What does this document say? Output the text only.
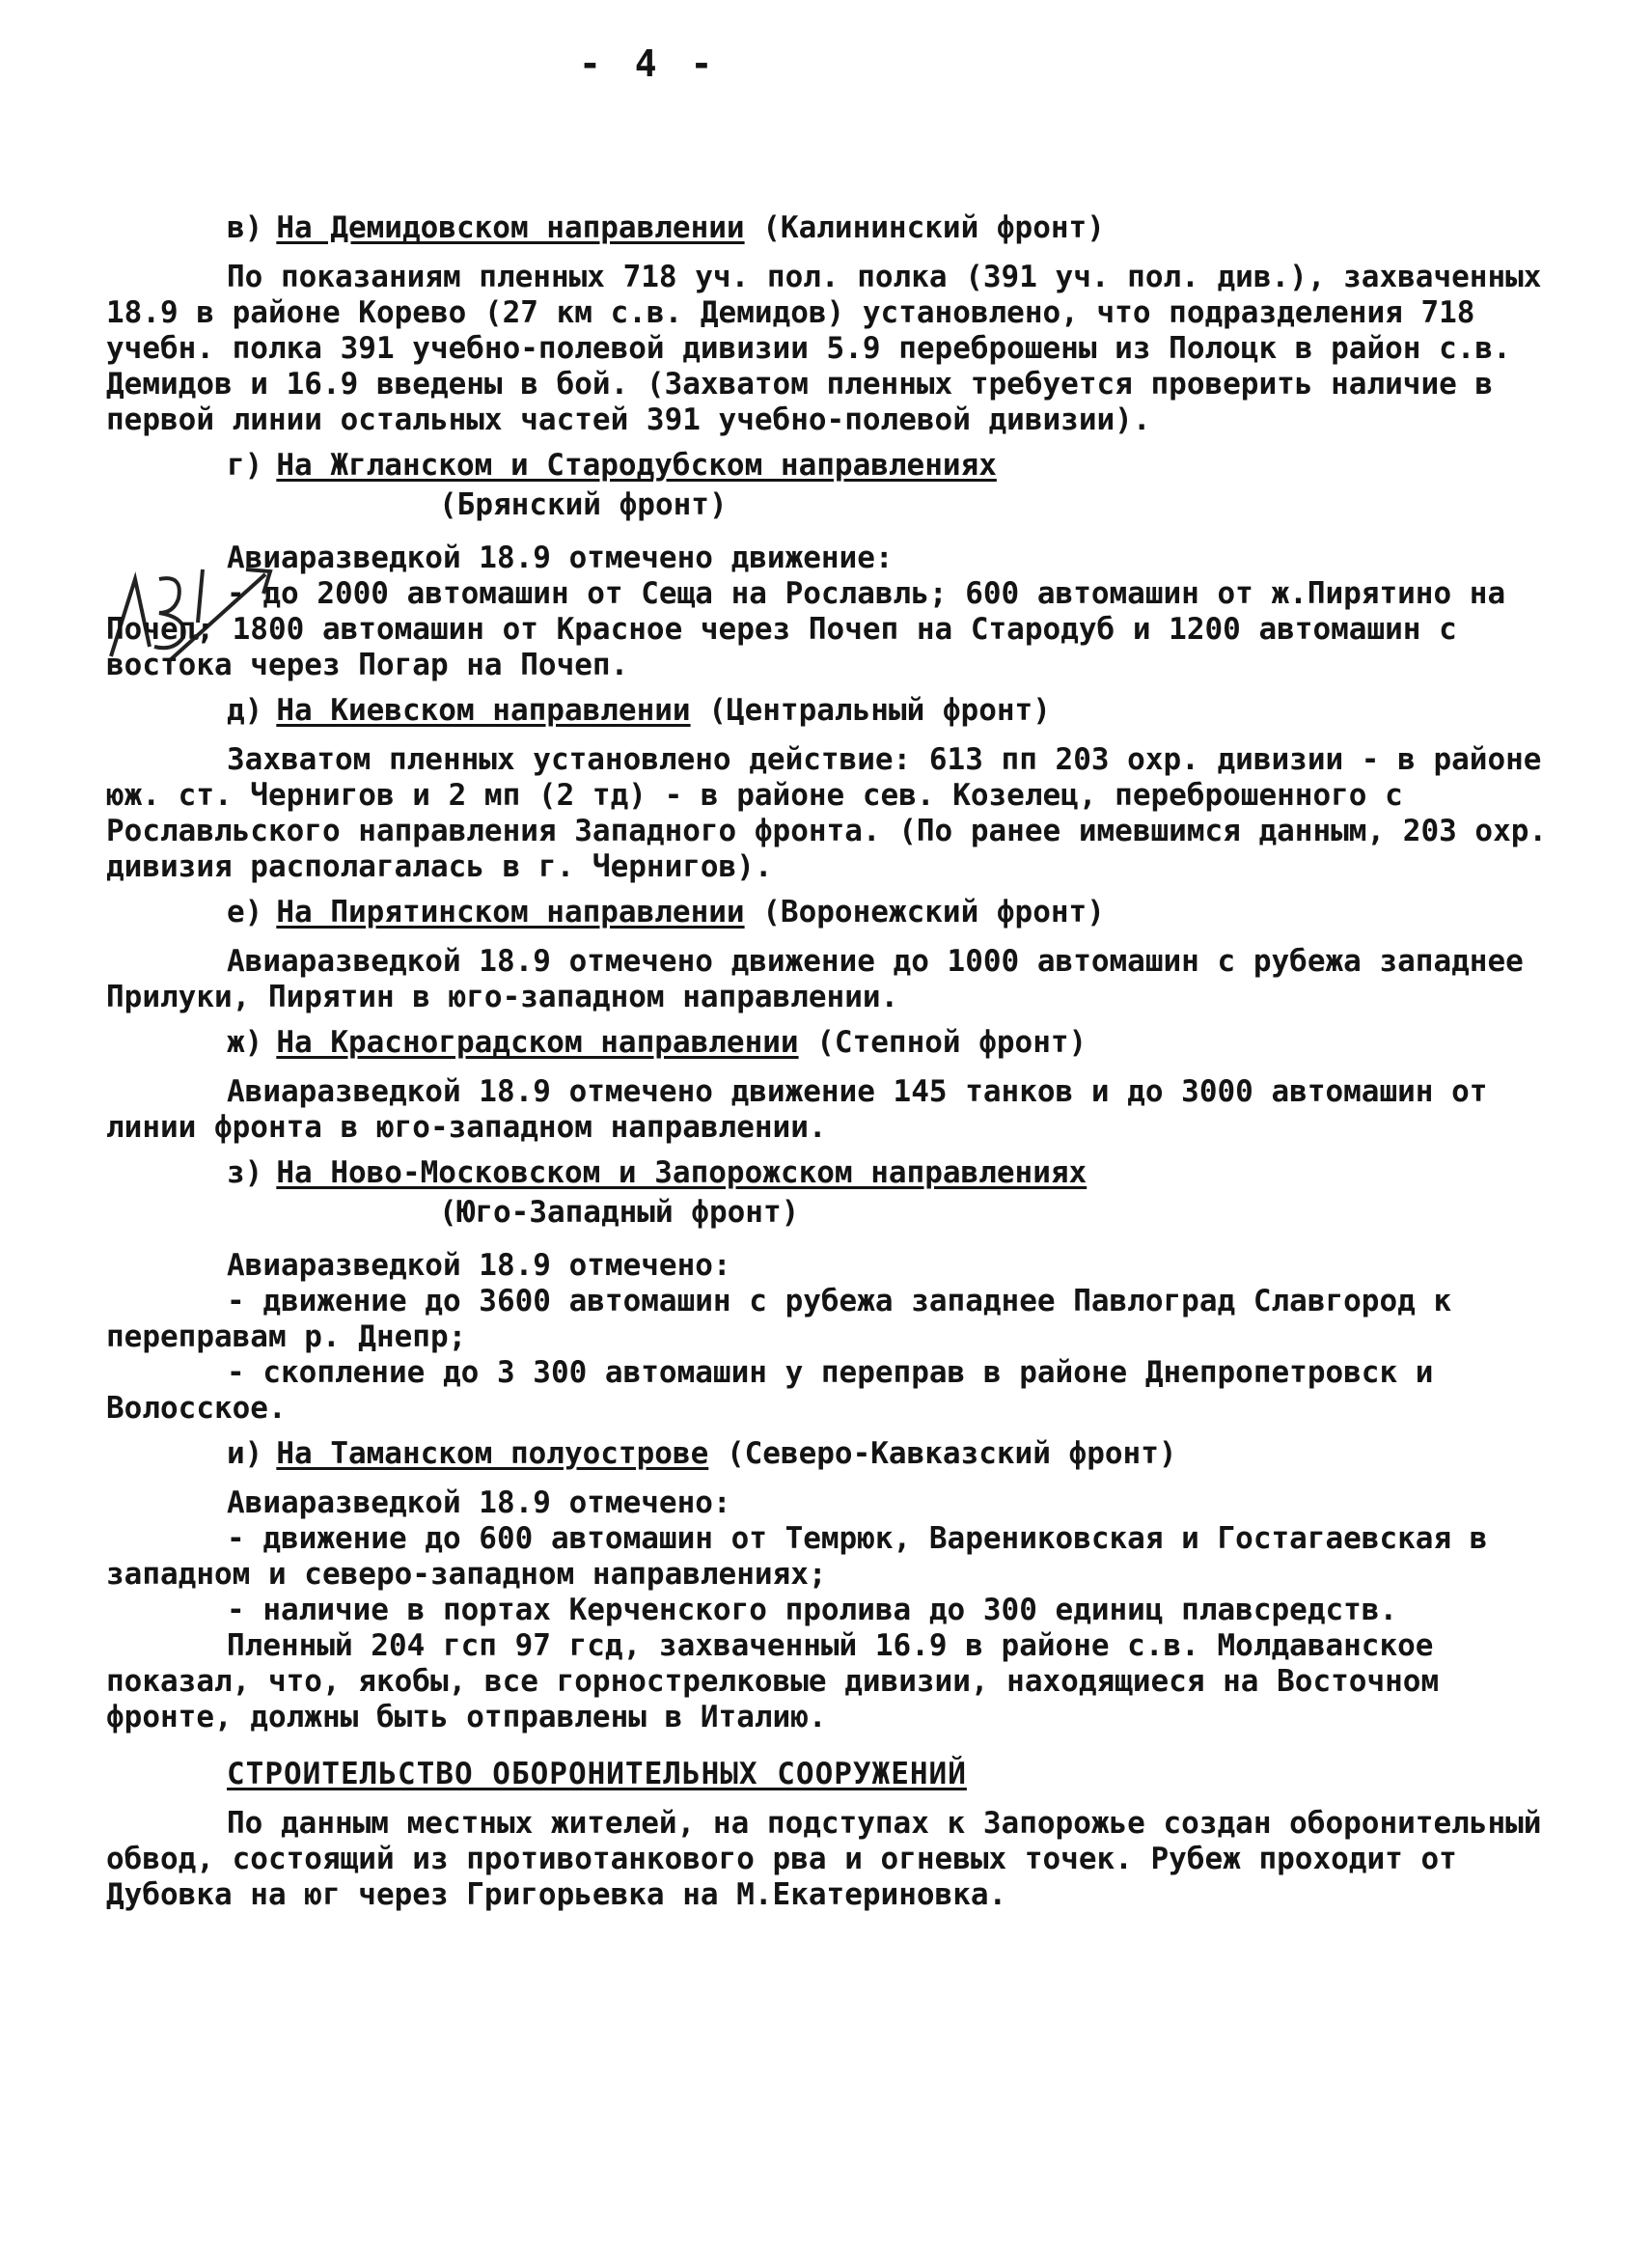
- 4 -

в) На Демидовском направлении (Калининский фронт)

По показаниям пленных 718 уч. пол. полка (391 уч. пол. див.), захваченных 18.9 в районе Корево (27 км с.в. Демидов) установлено, что подразделения 718 учебн. полка 391 учебно-полевой дивизии 5.9 переброшены из Полоцк в район с.в. Демидов и 16.9 введены в бой. (Захватом пленных требуется проверить наличие в первой линии остальных частей 391 учебно-полевой дивизии).

г) На Жгланском и Стародубском направлениях

(Брянский фронт)

Авиаразведкой 18.9 отмечено движение:

- до 2000 автомашин от Сеща на Рославль; 600 автомашин от ж.Пирятино на Почеп; 1800 автомашин от Красное через Почеп на Стародуб и 1200 автомашин с востока через Погар на Почеп.

д) На Киевском направлении (Центральный фронт)

Захватом пленных установлено действие: 613 пп 203 охр. дивизии - в районе юж. ст. Чернигов и 2 мп (2 тд) - в районе сев. Козелец, переброшенного с Рославльского направления Западного фронта. (По ранее имевшимся данным, 203 охр. дивизия располагалась в г. Чернигов).

е) На Пирятинском направлении (Воронежский фронт)

Авиаразведкой 18.9 отмечено движение до 1000 автомашин с рубежа западнее Прилуки, Пирятин в юго-западном направлении.

ж) На Красноградском направлении (Степной фронт)

Авиаразведкой 18.9 отмечено движение 145 танков и до 3000 автомашин от линии фронта в юго-западном направлении.

з) На Ново-Московском и Запорожском направлениях

(Юго-Западный фронт)

Авиаразведкой 18.9 отмечено:

- движение до 3600 автомашин с рубежа западнее Павлоград Славгород к переправам р. Днепр;

- скопление до 3 300 автомашин у переправ в районе Днепропетровск и Волосское.

и) На Таманском полуострове (Северо-Кавказский фронт)

Авиаразведкой 18.9 отмечено:

- движение до 600 автомашин от Темрюк, Варениковская и Гостагаевская в западном и северо-западном направлениях;

- наличие в портах Керченского пролива до 300 единиц плавсредств.

Пленный 204 гсп 97 гсд, захваченный 16.9 в районе с.в. Молдаванское показал, что, якобы, все горнострелковые дивизии, находящиеся на Восточном фронте, должны быть отправлены в Италию.

СТРОИТЕЛЬСТВО ОБОРОНИТЕЛЬНЫХ СООРУЖЕНИЙ

По данным местных жителей, на подступах к Запорожье создан оборонительный обвод, состоящий из противотанкового рва и огневых точек. Рубеж проходит от Дубовка на юг через Григорьевка на М.Екатериновка.
